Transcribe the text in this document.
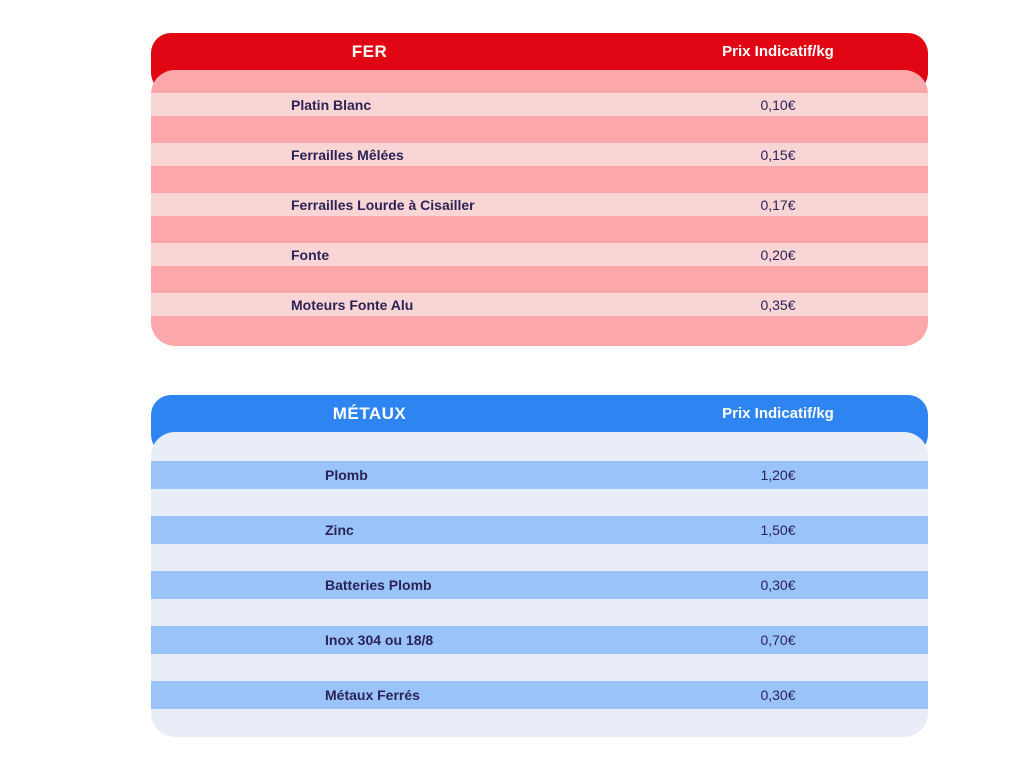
FER	Prix Indicatif/kg
Platin Blanc	0,10€
Ferrailles Mêlées	0,15€
Ferrailles Lourde à Cisailler	0,17€
Fonte	0,20€
Moteurs Fonte Alu	0,35€
MÉTAUX	Prix Indicatif/kg
Plomb	1,20€
Zinc	1,50€
Batteries Plomb	0,30€
Inox 304 ou 18/8	0,70€
Métaux Ferrés	0,30€
